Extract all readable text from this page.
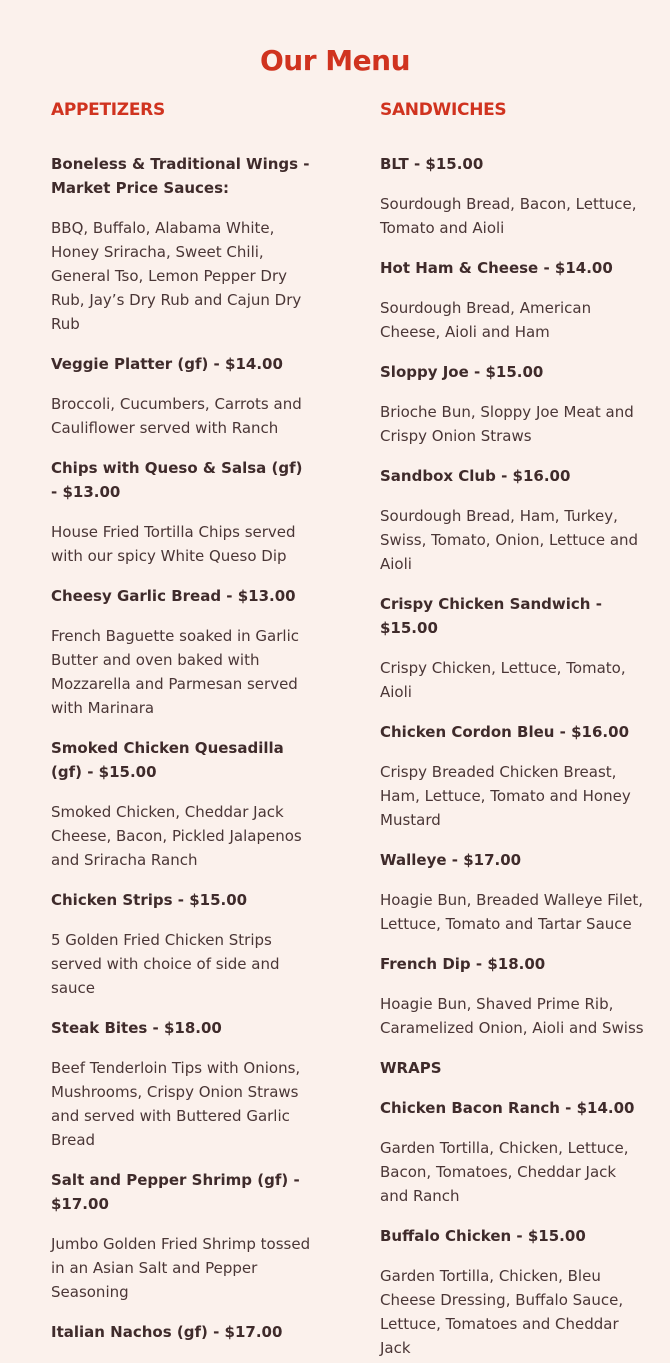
Our Menu
APPETIZERS
Boneless & Traditional Wings - Market Price Sauces:
BBQ, Buffalo, Alabama White, Honey Sriracha, Sweet Chili, General Tso, Lemon Pepper Dry Rub, Jay’s Dry Rub and Cajun Dry Rub
Veggie Platter (gf) - $14.00
Broccoli, Cucumbers, Carrots and Cauliflower served with Ranch
Chips with Queso & Salsa (gf) - $13.00
House Fried Tortilla Chips served with our spicy White Queso Dip
Cheesy Garlic Bread - $13.00
French Baguette soaked in Garlic Butter and oven baked with Mozzarella and Parmesan served with Marinara
Smoked Chicken Quesadilla (gf) - $15.00
Smoked Chicken, Cheddar Jack Cheese, Bacon, Pickled Jalapenos and Sriracha Ranch
Chicken Strips - $15.00
5 Golden Fried Chicken Strips served with choice of side and sauce
Steak Bites - $18.00
Beef Tenderloin Tips with Onions, Mushrooms, Crispy Onion Straws and served with Buttered Garlic Bread
Salt and Pepper Shrimp (gf) - $17.00
Jumbo Golden Fried Shrimp tossed in an Asian Salt and Pepper Seasoning
Italian Nachos (gf) - $17.00
SANDWICHES
BLT - $15.00
Sourdough Bread, Bacon, Lettuce, Tomato and Aioli
Hot Ham & Cheese - $14.00
Sourdough Bread, American Cheese, Aioli and Ham
Sloppy Joe - $15.00
Brioche Bun, Sloppy Joe Meat and Crispy Onion Straws
Sandbox Club - $16.00
Sourdough Bread, Ham, Turkey, Swiss, Tomato, Onion, Lettuce and Aioli
Crispy Chicken Sandwich - $15.00
Crispy Chicken, Lettuce, Tomato, Aioli
Chicken Cordon Bleu - $16.00
Crispy Breaded Chicken Breast, Ham, Lettuce, Tomato and Honey Mustard
Walleye - $17.00
Hoagie Bun, Breaded Walleye Filet, Lettuce, Tomato and Tartar Sauce
French Dip - $18.00
Hoagie Bun, Shaved Prime Rib, Caramelized Onion, Aioli and Swiss
WRAPS
Chicken Bacon Ranch - $14.00
Garden Tortilla, Chicken, Lettuce, Bacon, Tomatoes, Cheddar Jack and Ranch
Buffalo Chicken - $15.00
Garden Tortilla, Chicken, Bleu Cheese Dressing, Buffalo Sauce, Lettuce, Tomatoes and Cheddar Jack
